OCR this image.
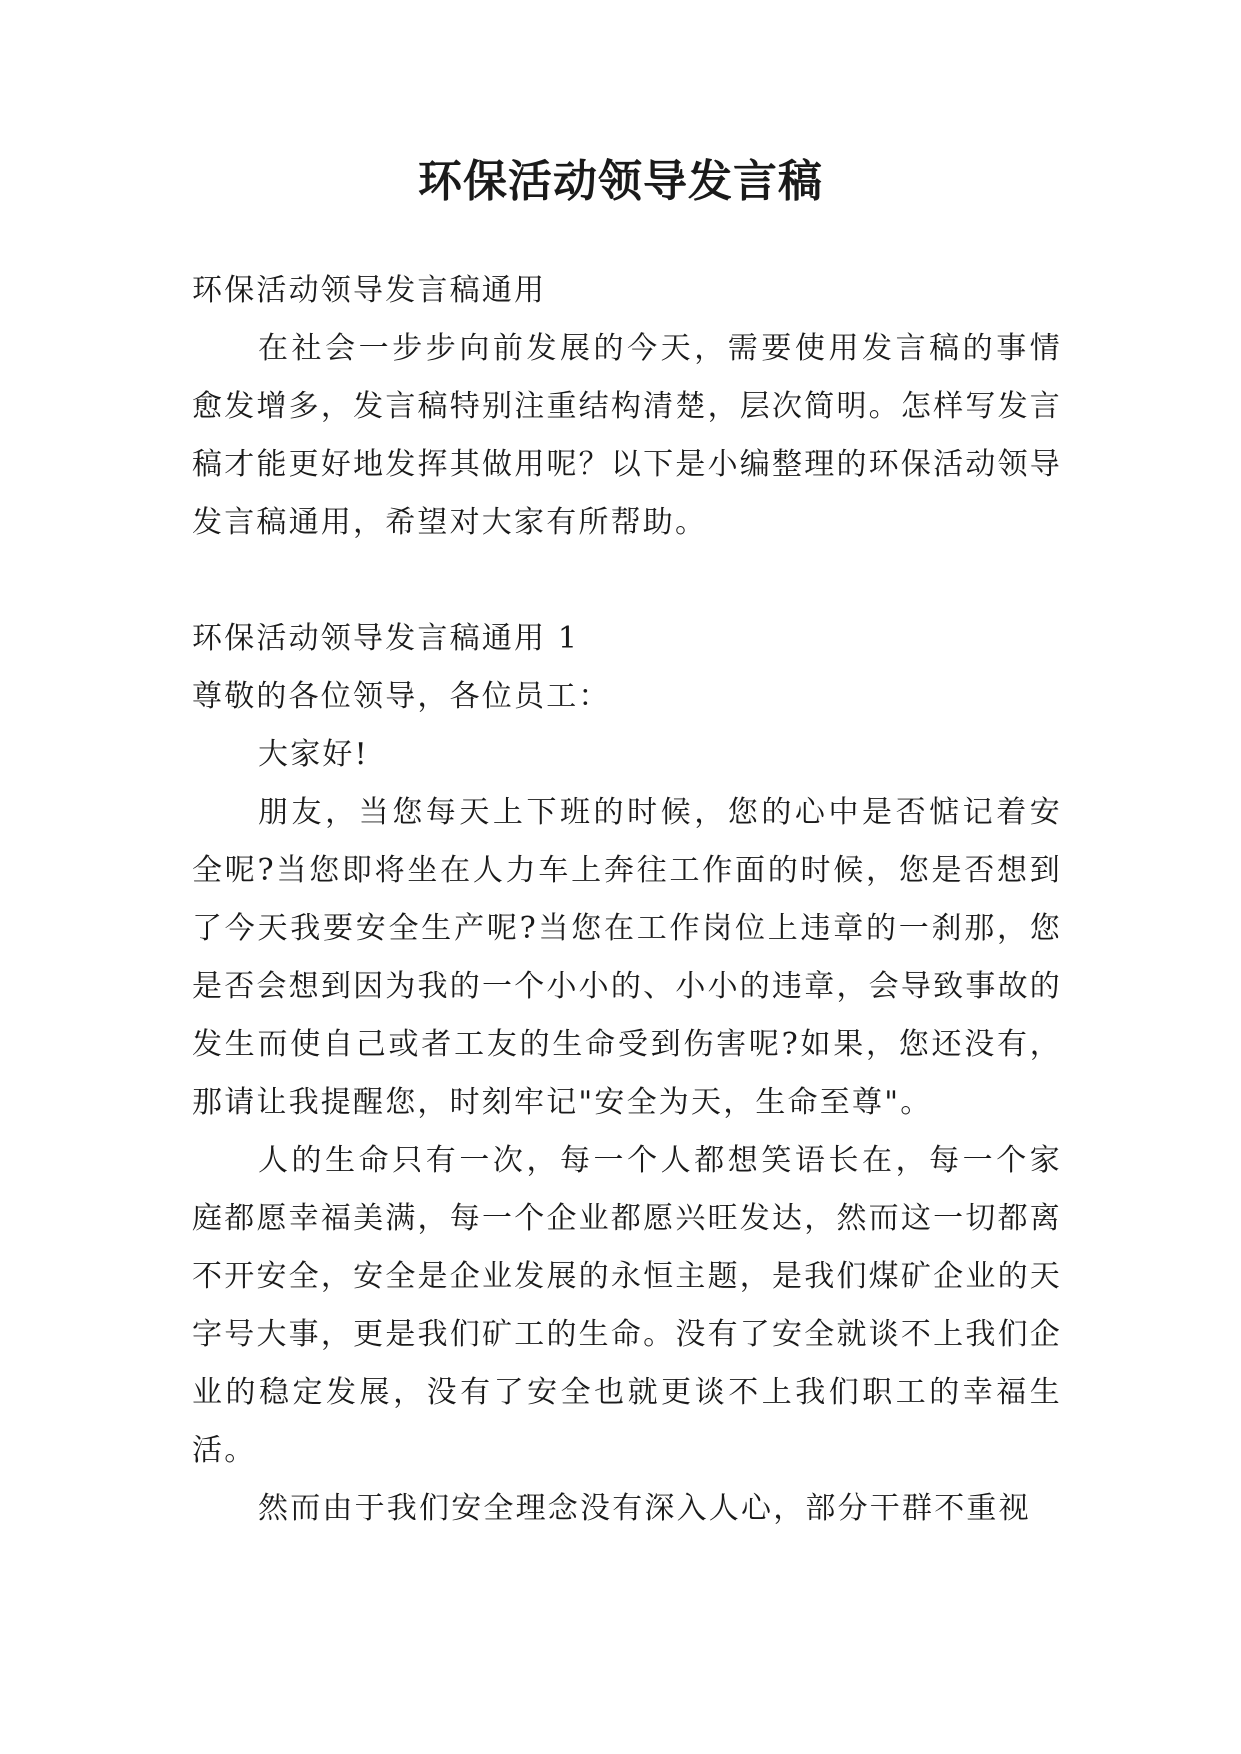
环保活动领导发言稿

环保活动领导发言稿通用

在社会一步步向前发展的今天，需要使用发言稿的事情愈发增多，发言稿特别注重结构清楚，层次简明。怎样写发言稿才能更好地发挥其做用呢？以下是小编整理的环保活动领导发言稿通用，希望对大家有所帮助。

环保活动领导发言稿通用 1

尊敬的各位领导，各位员工：

大家好!

朋友，当您每天上下班的时候，您的心中是否惦记着安全呢?当您即将坐在人力车上奔往工作面的时候，您是否想到了今天我要安全生产呢?当您在工作岗位上违章的一刹那，您是否会想到因为我的一个小小的、小小的违章，会导致事故的发生而使自己或者工友的生命受到伤害呢?如果，您还没有，那请让我提醒您，时刻牢记"安全为天，生命至尊"。

人的生命只有一次，每一个人都想笑语长在，每一个家庭都愿幸福美满，每一个企业都愿兴旺发达，然而这一切都离不开安全，安全是企业发展的永恒主题，是我们煤矿企业的天字号大事，更是我们矿工的生命。没有了安全就谈不上我们企业的稳定发展，没有了安全也就更谈不上我们职工的幸福生活。

然而由于我们安全理念没有深入人心，部分干群不重视
